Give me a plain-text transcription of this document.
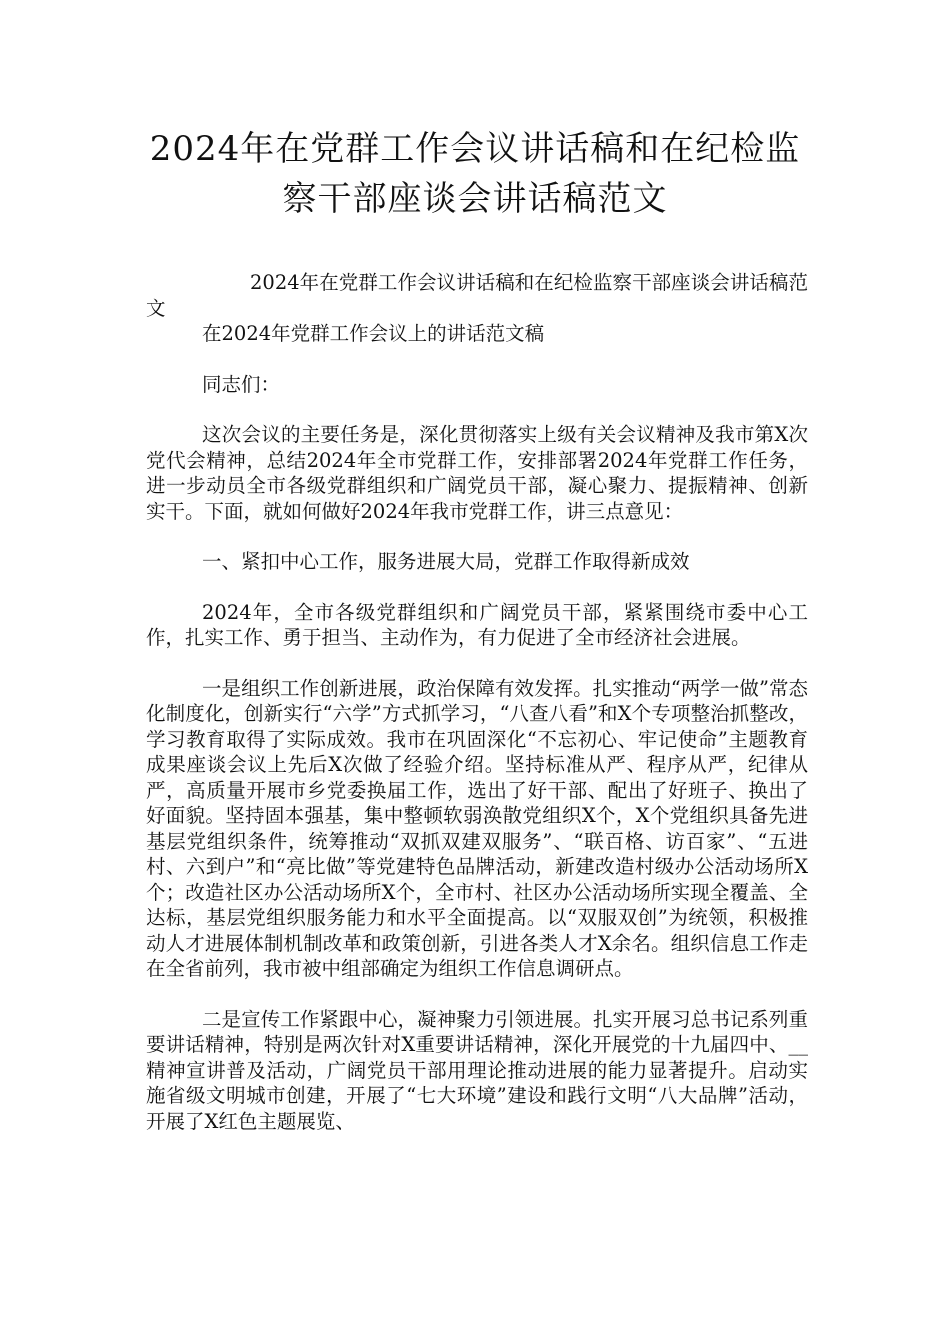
2024年在党群工作会议讲话稿和在纪检监
察干部座谈会讲话稿范文

2024年在党群工作会议讲话稿和在纪检监察干部座谈会讲话稿范文

在2024年党群工作会议上的讲话范文稿

同志们：

这次会议的主要任务是，深化贯彻落实上级有关会议精神及我市第X次党代会精神，总结2024年全市党群工作，安排部署2024年党群工作任务，进一步动员全市各级党群组织和广阔党员干部，凝心聚力、提振精神、创新实干。下面，就如何做好2024年我市党群工作，讲三点意见：

一、紧扣中心工作，服务进展大局，党群工作取得新成效

2024年，全市各级党群组织和广阔党员干部，紧紧围绕市委中心工作，扎实工作、勇于担当、主动作为，有力促进了全市经济社会进展。

一是组织工作创新进展，政治保障有效发挥。扎实推动“两学一做”常态化制度化，创新实行“六学”方式抓学习，“八查八看”和X个专项整治抓整改，学习教育取得了实际成效。我市在巩固深化“不忘初心、牢记使命”主题教育成果座谈会议上先后X次做了经验介绍。坚持标准从严、程序从严，纪律从严，高质量开展市乡党委换届工作，选出了好干部、配出了好班子、换出了好面貌。坚持固本强基，集中整顿软弱涣散党组织X个，X个党组织具备先进基层党组织条件，统筹推动“双抓双建双服务”、“联百格、访百家”、“五进村、六到户”和“亮比做”等党建特色品牌活动，新建改造村级办公活动场所X个；改造社区办公活动场所X个，全市村、社区办公活动场所实现全覆盖、全达标，基层党组织服务能力和水平全面提高。以“双服双创”为统领，积极推动人才进展体制机制改革和政策创新，引进各类人才X余名。组织信息工作走在全省前列，我市被中组部确定为组织工作信息调研点。

二是宣传工作紧跟中心，凝神聚力引领进展。扎实开展习总书记系列重要讲话精神，特别是两次针对X重要讲话精神，深化开展党的十九届四中、__精神宣讲普及活动，广阔党员干部用理论推动进展的能力显著提升。启动实施省级文明城市创建，开展了“七大环境”建设和践行文明“八大品牌”活动，开展了X红色主题展览、
